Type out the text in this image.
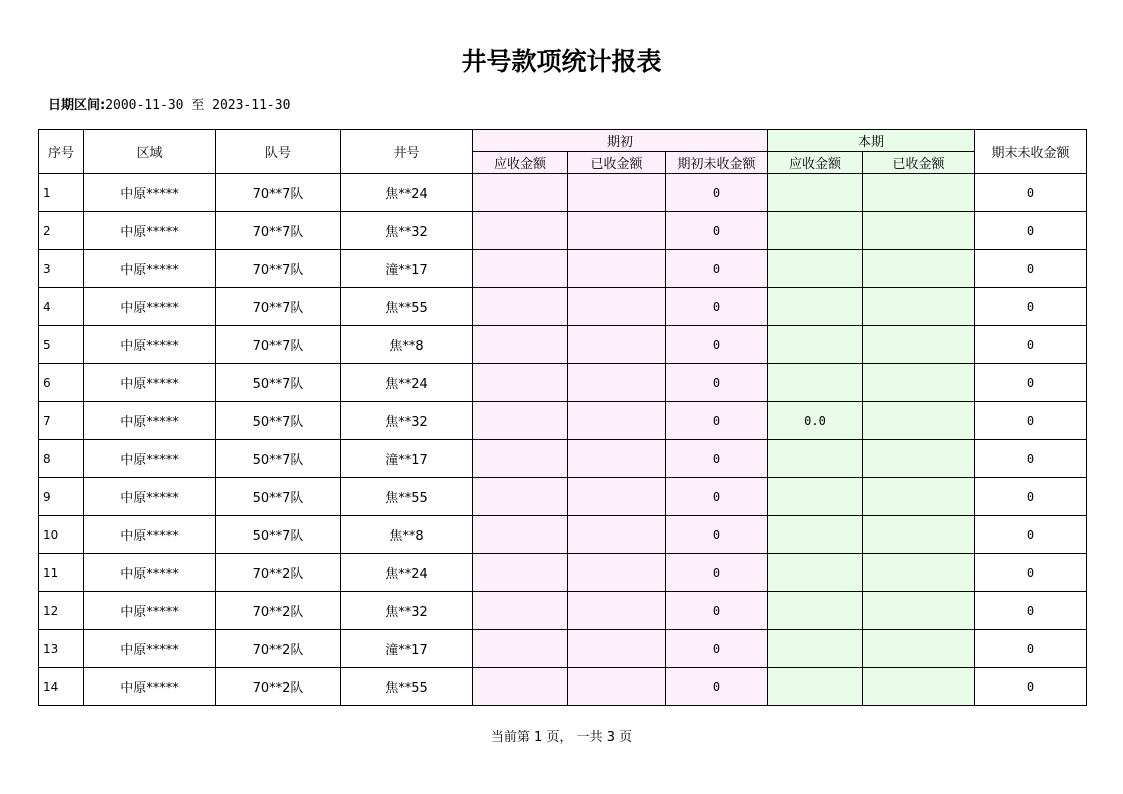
井号款项统计报表
日期区间:2000-11-30 至 2023-11-30
序号	区域	队号	井号	期初			本期		期末未收金额
				应收金额	已收金额	期初未收金额	应收金额	已收金额	
1	中原*****	70**7队	焦**24			0			0
2	中原*****	70**7队	焦**32			0			0
3	中原*****	70**7队	潼**17			0			0
4	中原*****	70**7队	焦**55			0			0
5	中原*****	70**7队	焦**8			0			0
6	中原*****	50**7队	焦**24			0			0
7	中原*****	50**7队	焦**32			0	0.0		0
8	中原*****	50**7队	潼**17			0			0
9	中原*****	50**7队	焦**55			0			0
10	中原*****	50**7队	焦**8			0			0
11	中原*****	70**2队	焦**24			0			0
12	中原*****	70**2队	焦**32			0			0
13	中原*****	70**2队	潼**17			0			0
14	中原*****	70**2队	焦**55			0			0
当前第 1 页， 一共 3 页
